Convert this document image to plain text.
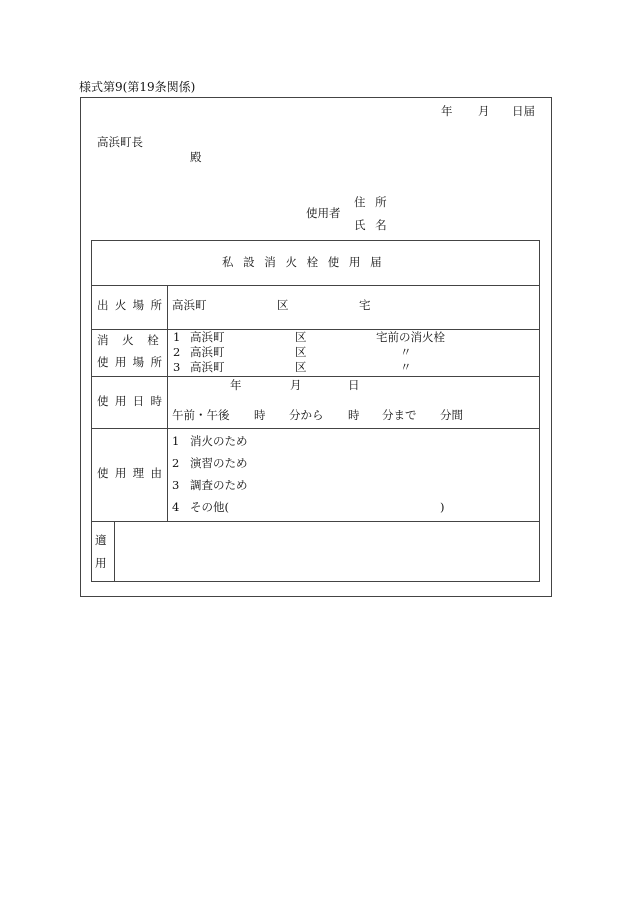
様式第9(第19条関係)
年 月 日届
高浜町長
殿
使用者
住 所
氏 名
私 設 消 火 栓 使 用 届
出火場所 高浜町	区	宅
消 火 栓
使用場所
1 高浜町	区	宅前の消火栓
2 高浜町	区	〃
3 高浜町	区	〃
使用日時
年	月	日
午前・午後 時 分から 時 分まで 分間
使用理由
1 消火のため
2 演習のため
3 調査のため
4 その他(	)
適
用
